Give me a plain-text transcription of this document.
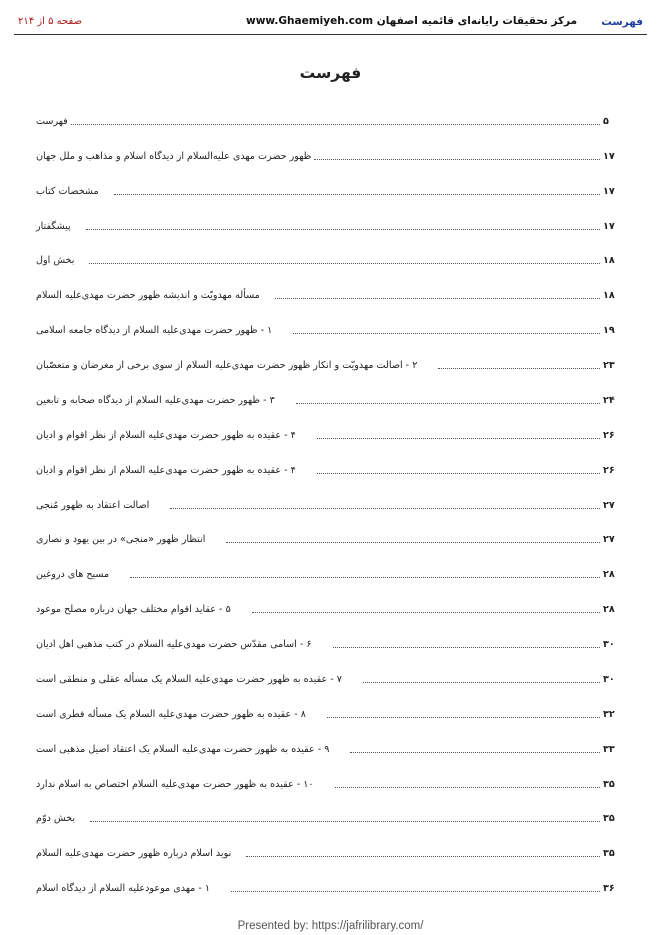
فهرست
مرکز تحقیقات رایانه‌ای قائمیه اصفهان www.Ghaemiyeh.com
صفحه ۵ از ۲۱۴
فهرست
فهرست	۵
ظهور حضرت مهدی علیه‌السلام از دیدگاه اسلام و مذاهب و ملل جهان	۱۷
مشخصات کتاب	۱۷
پیشگفتار	۱۷
بخش اول	۱۸
مسأله مهدویّت و اندیشه ظهور حضرت مهدی‌علیه السلام	۱۸
۱ - ظهور حضرت مهدی‌علیه السلام از دیدگاه جامعه اسلامی	۱۹
۲ - اصالت مهدویّت و انکار ظهور حضرت مهدی‌علیه السلام از سوی برخی از مغرضان و متعصّبان	۲۳
۳ - ظهور حضرت مهدی‌علیه السلام از دیدگاه صحابه و تابعین	۲۴
۴ - عقیده به ظهور حضرت مهدی‌علیه السلام از نظر اقوام و ادیان	۲۶
۴ - عقیده به ظهور حضرت مهدی‌علیه السلام از نظر اقوام و ادیان	۲۶
اصالت اعتقاد به ظهور مُنجی	۲۷
انتظار ظهور «منجی» در بین یهود و نصاری	۲۷
مسیح های دروغین	۲۸
۵ - عقاید اقوام مختلف جهان درباره مصلح موعود	۲۸
۶ - اسامی مقدّس حضرت مهدی‌علیه السلام در کتب مذهبی اهل ادیان	۳۰
۷ - عقیده به ظهور حضرت مهدی‌علیه السلام یک مسأله عقلی و منطقی است	۳۰
۸ - عقیده به ظهور حضرت مهدی‌علیه السلام یک مسأله فطری است	۳۲
۹ - عقیده به ظهور حضرت مهدی‌علیه السلام یک اعتقاد اصیل مذهبی است	۳۳
۱۰ - عقیده به ظهور حضرت مهدی‌علیه السلام اختصاص به اسلام ندارد	۳۵
بخش دوّم	۳۵
نوید اسلام درباره ظهور حضرت مهدی‌علیه السلام	۳۵
۱ - مهدی موعودعلیه السلام از دیدگاه اسلام	۳۶
Presented by: https://jafrilibrary.com/
